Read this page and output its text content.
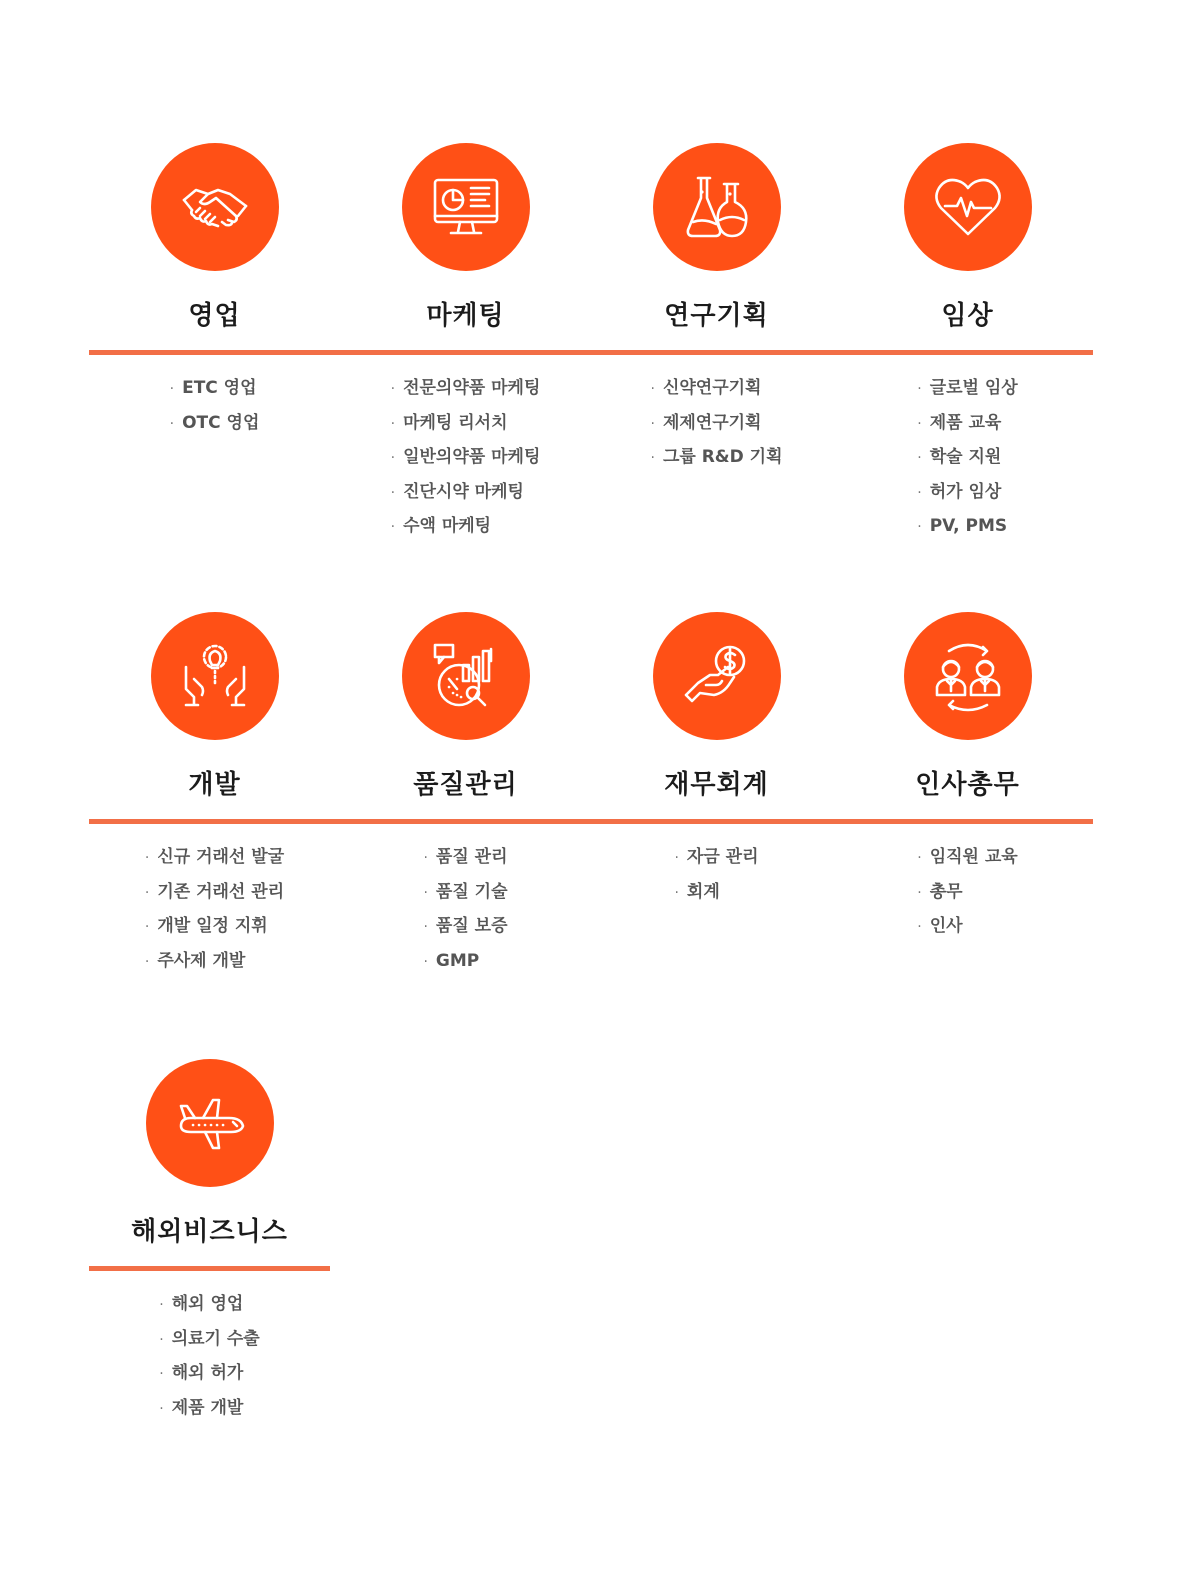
영업	마케팅	연구기획	임상
· ETC 영업
· OTC 영업
· 전문의약품 마케팅
· 마케팅 리서치
· 일반의약품 마케팅
· 진단시약 마케팅
· 수액 마케팅
· 신약연구기획
· 제제연구기획
· 그룹 R&D 기획
· 글로벌 임상
· 제품 교육
· 학술 지원
· 허가 임상
· PV, PMS
개발	품질관리	재무회계	인사총무
· 신규 거래선 발굴
· 기존 거래선 관리
· 개발 일정 지휘
· 주사제 개발
· 품질 관리
· 품질 기술
· 품질 보증
· GMP
· 자금 관리
· 회계
· 임직원 교육
· 총무
· 인사
해외비즈니스
· 해외 영업
· 의료기 수출
· 해외 허가
· 제품 개발
